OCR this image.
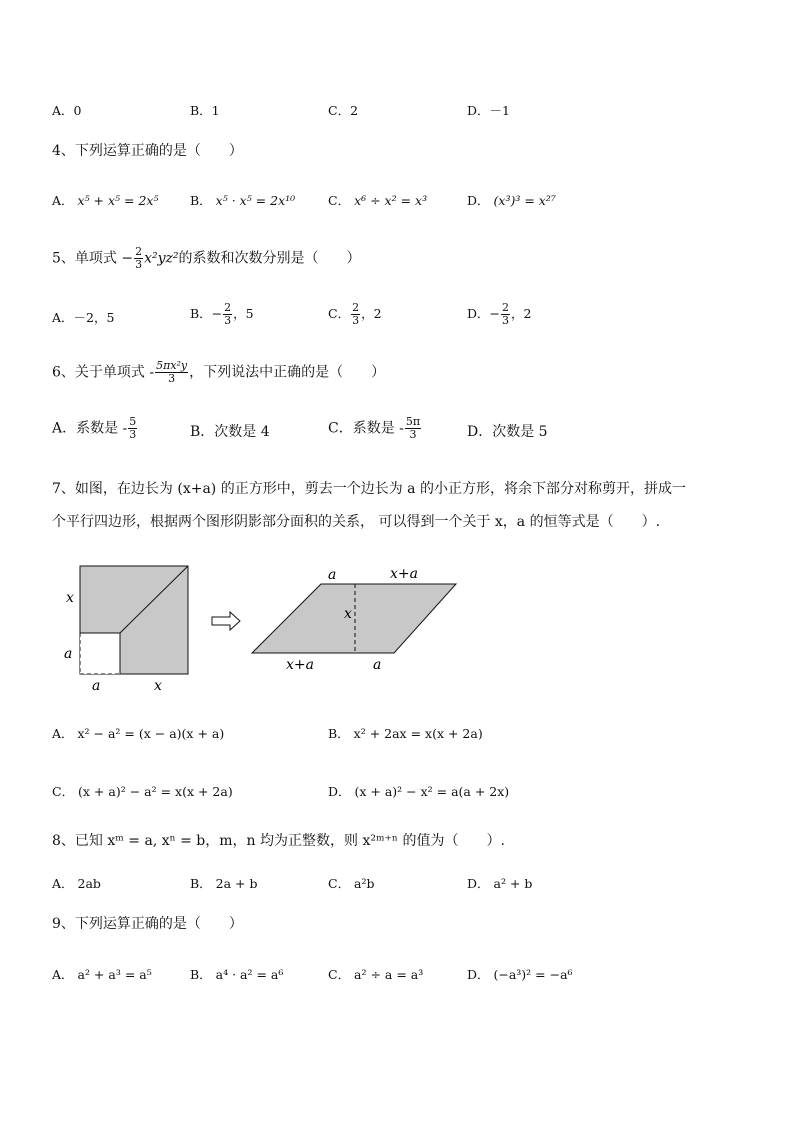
A．0	B．1	C．2	D．－1
4、下列运算正确的是（　　）
A． x⁵ + x⁵ = 2x⁵	B． x⁵ · x⁵ = 2x¹⁰	C． x⁶ ÷ x² = x³	D． (x³)³ = x²⁷
5、单项式 − $\frac{2}{3} x^2yz^2$的系数和次数分别是（　　）
A．－2，5	B．− $\frac{2}{3}$ ，5	C． $\frac{2}{3}$ ，2	D．− $\frac{2}{3}$ ，2
6、关于单项式 - $\frac{\text{5πx²y}}{3}$ ，下列说法中正确的是（　　）
A．系数是 - $\frac{5}{3}$	B．次数是 4	C．系数是 - $\frac{5\pi}{3}$	D．次数是 5
7、如图，在边长为 (x+a) 的正方形中，剪去一个边长为 a 的小正方形，将余下部分对称剪开，拼成一
个平行四边形，根据两个图形阴影部分面积的关系， 可以得到一个关于 x，a 的恒等式是（　　）.
x
a
a	x
a	x+a
x
x+a	a
A． x² − a² = (x − a)(x + a)	B． x² + 2ax = x(x + 2a)
C． (x + a)² − a² = x(x + 2a)	D． (x + a)² − x² = a(a + 2x)
8、已知 xᵐ = a, xⁿ = b，m，n 均为正整数，则 x²ᵐ⁺ⁿ 的值为（　　）.
A． 2ab	B． 2a + b	C． a²b	D． a² + b
9、下列运算正确的是（　　）
A． a² + a³ = a⁵	B． a⁴ · a² = a⁶	C． a² ÷ a = a³	D． (−a³)² = −a⁶
